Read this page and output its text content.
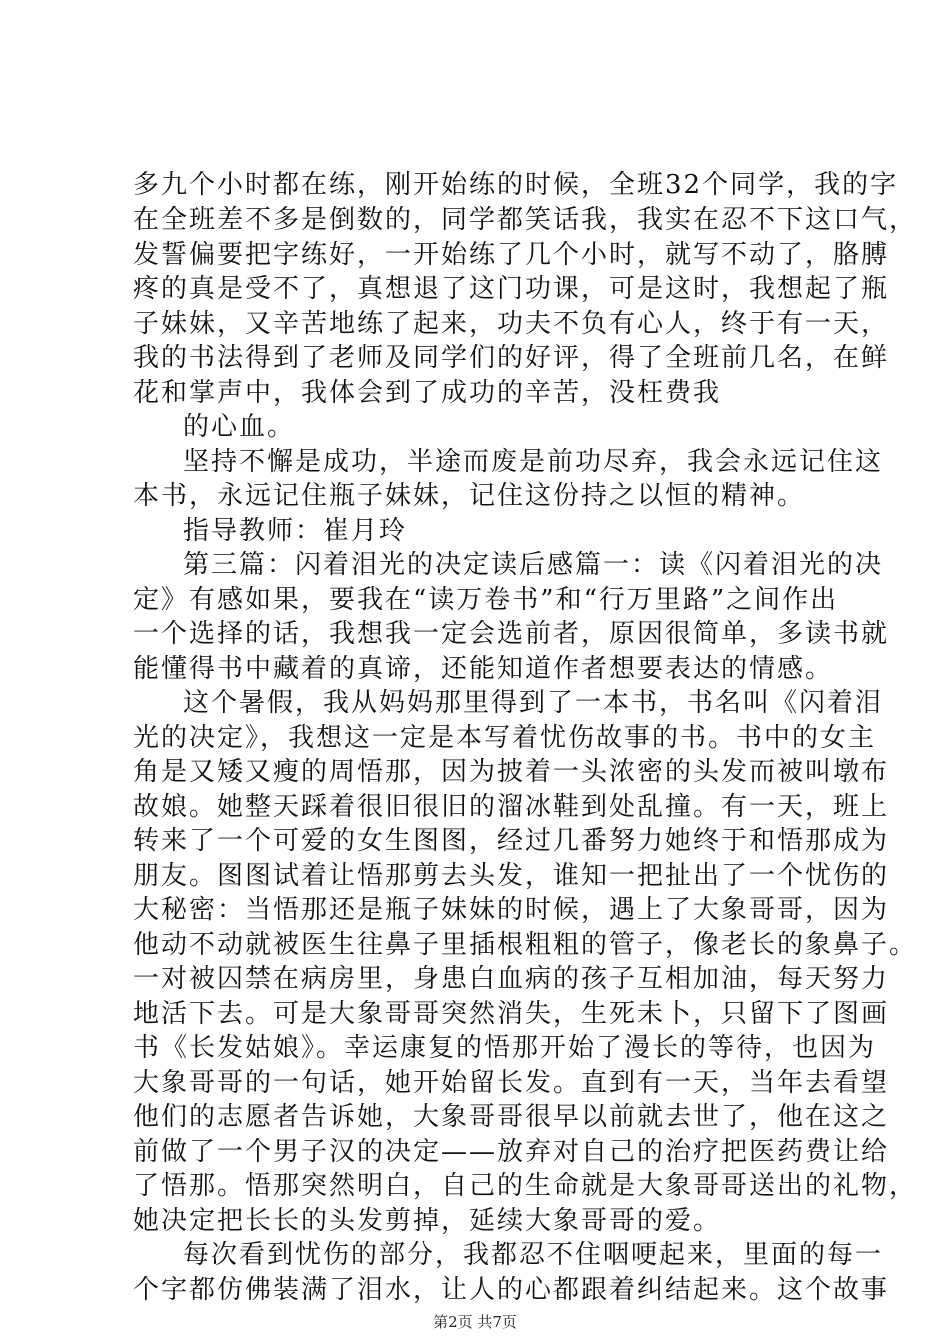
多九个小时都在练，刚开始练的时候，全班32个同学，我的字
在全班差不多是倒数的，同学都笑话我，我实在忍不下这口气，
发誓偏要把字练好，一开始练了几个小时，就写不动了，胳膊
疼的真是受不了，真想退了这门功课，可是这时，我想起了瓶
子妹妹，又辛苦地练了起来，功夫不负有心人，终于有一天，
我的书法得到了老师及同学们的好评，得了全班前几名，在鲜
花和掌声中，我体会到了成功的辛苦，没枉费我
的心血。
坚持不懈是成功，半途而废是前功尽弃，我会永远记住这
本书，永远记住瓶子妹妹，记住这份持之以恒的精神。
指导教师：崔月玲
第三篇：闪着泪光的决定读后感篇一：读《闪着泪光的决
定》有感如果，要我在“读万卷书”和“行万里路”之间作出
一个选择的话，我想我一定会选前者，原因很简单，多读书就
能懂得书中藏着的真谛，还能知道作者想要表达的情感。
这个暑假，我从妈妈那里得到了一本书，书名叫《闪着泪
光的决定》，我想这一定是本写着忧伤故事的书。书中的女主
角是又矮又瘦的周悟那，因为披着一头浓密的头发而被叫墩布
故娘。她整天踩着很旧很旧的溜冰鞋到处乱撞。有一天，班上
转来了一个可爱的女生图图，经过几番努力她终于和悟那成为
朋友。图图试着让悟那剪去头发，谁知一把扯出了一个忧伤的
大秘密：当悟那还是瓶子妹妹的时候，遇上了大象哥哥，因为
他动不动就被医生往鼻子里插根粗粗的管子，像老长的象鼻子。
一对被囚禁在病房里，身患白血病的孩子互相加油，每天努力
地活下去。可是大象哥哥突然消失，生死未卜，只留下了图画
书《长发姑娘》。幸运康复的悟那开始了漫长的等待，也因为
大象哥哥的一句话，她开始留长发。直到有一天，当年去看望
他们的志愿者告诉她，大象哥哥很早以前就去世了，他在这之
前做了一个男子汉的决定——放弃对自己的治疗把医药费让给
了悟那。悟那突然明白，自己的生命就是大象哥哥送出的礼物，
她决定把长长的头发剪掉，延续大象哥哥的爱。
每次看到忧伤的部分，我都忍不住咽哽起来，里面的每一
个字都仿佛装满了泪水，让人的心都跟着纠结起来。这个故事
第2页 共7页
